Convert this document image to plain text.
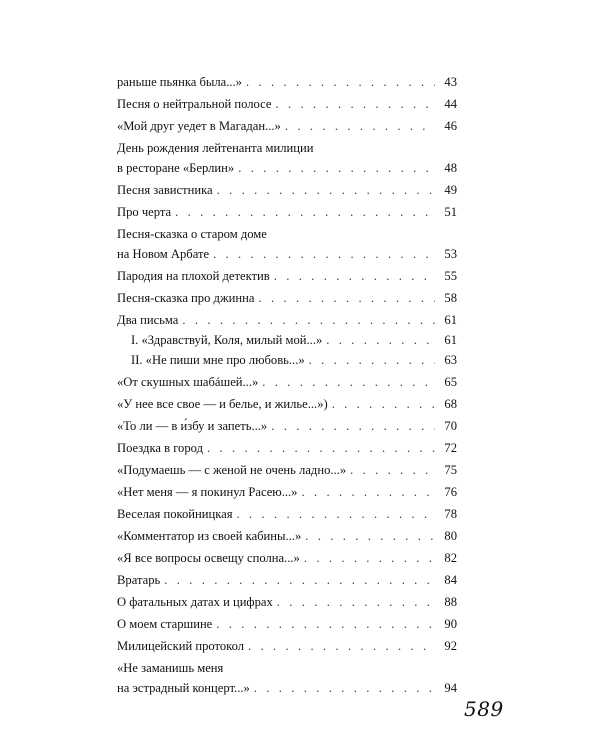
раньше пьянка была...» . . .	43
Песня о нейтральной полосе . . .	44
«Мой друг уедет в Магадан...» . . .	46
День рождения лейтенанта милиции
в ресторане «Берлин» . . .	48
Песня завистника . . .	49
Про черта . . .	51
Песня-сказка о старом доме
на Новом Арбате . . .	53
Пародия на плохой детектив . . .	55
Песня-сказка про джинна . . .	58
Два письма . . .	61
I. «Здравствуй, Коля, милый мой...» . . .	61
II. «Не пиши мне про любовь...» . . .	63
«От скушных шабáшей...» . . .	65
«У нее все свое — и белье, и жилье...») . . .	68
«То ли — в и́збу и запеть...» . . .	70
Поездка в город . . .	72
«Подумаешь — с женой не очень ладно...» . . .	75
«Нет меня — я покинул Расею...» . . .	76
Веселая покойницкая . . .	78
«Комментатор из своей кабины...» . . .	80
«Я все вопросы освещу сполна...» . . .	82
Вратарь . . .	84
О фатальных датах и цифрах . . .	88
О моем старшине . . .	90
Милицейский протокол . . .	92
«Не заманишь меня
на эстрадный концерт...» . . .	94
589
